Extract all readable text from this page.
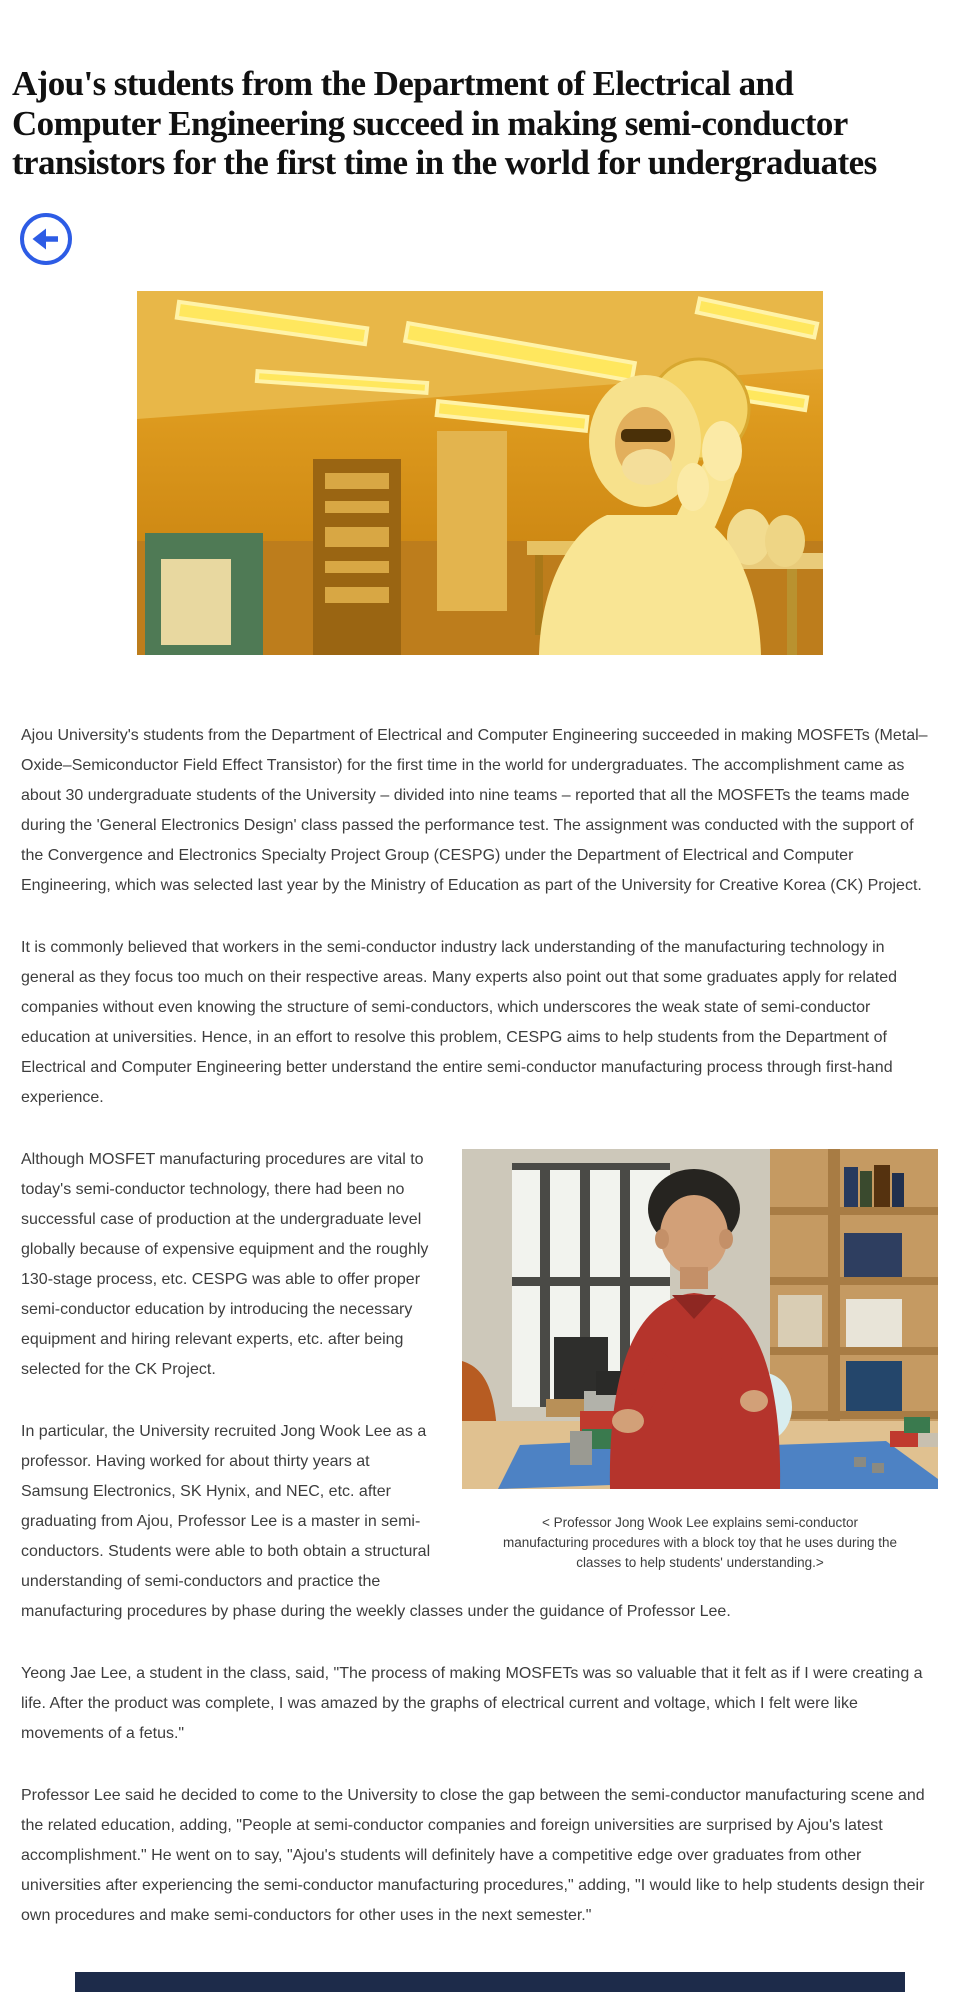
Ajou's students from the Department of Electrical and Computer Engineering succeed in making semi-conductor transistors for the first time in the world for undergraduates

Ajou University's students from the Department of Electrical and Computer Engineering succeeded in making MOSFETs (Metal–Oxide–Semiconductor Field Effect Transistor) for the first time in the world for undergraduates. The accomplishment came as about 30 undergraduate students of the University – divided into nine teams – reported that all the MOSFETs the teams made during the 'General Electronics Design' class passed the performance test. The assignment was conducted with the support of the Convergence and Electronics Specialty Project Group (CESPG) under the Department of Electrical and Computer Engineering, which was selected last year by the Ministry of Education as part of the University for Creative Korea (CK) Project.

It is commonly believed that workers in the semi-conductor industry lack understanding of the manufacturing technology in general as they focus too much on their respective areas. Many experts also point out that some graduates apply for related companies without even knowing the structure of semi-conductors, which underscores the weak state of semi-conductor education at universities. Hence, in an effort to resolve this problem, CESPG aims to help students from the Department of Electrical and Computer Engineering better understand the entire semi-conductor manufacturing process through first-hand experience.

< Professor Jong Wook Lee explains semi-conductor manufacturing procedures with a block toy that he uses during the classes to help students' understanding.>

Although MOSFET manufacturing procedures are vital to today's semi-conductor technology, there had been no successful case of production at the undergraduate level globally because of expensive equipment and the roughly 130-stage process, etc. CESPG was able to offer proper semi-conductor education by introducing the necessary equipment and hiring relevant experts, etc. after being selected for the CK Project.

In particular, the University recruited Jong Wook Lee as a professor. Having worked for about thirty years at Samsung Electronics, SK Hynix, and NEC, etc. after graduating from Ajou, Professor Lee is a master in semi-conductors. Students were able to both obtain a structural understanding of semi-conductors and practice the manufacturing procedures by phase during the weekly classes under the guidance of Professor Lee.

Yeong Jae Lee, a student in the class, said, "The process of making MOSFETs was so valuable that it felt as if I were creating a life. After the product was complete, I was amazed by the graphs of electrical current and voltage, which I felt were like movements of a fetus."

Professor Lee said he decided to come to the University to close the gap between the semi-conductor manufacturing scene and the related education, adding, "People at semi-conductor companies and foreign universities are surprised by Ajou's latest accomplishment." He went on to say, "Ajou's students will definitely have a competitive edge over graduates from other universities after experiencing the semi-conductor manufacturing procedures," adding, "I would like to help students design their own procedures and make semi-conductors for other uses in the next semester."
